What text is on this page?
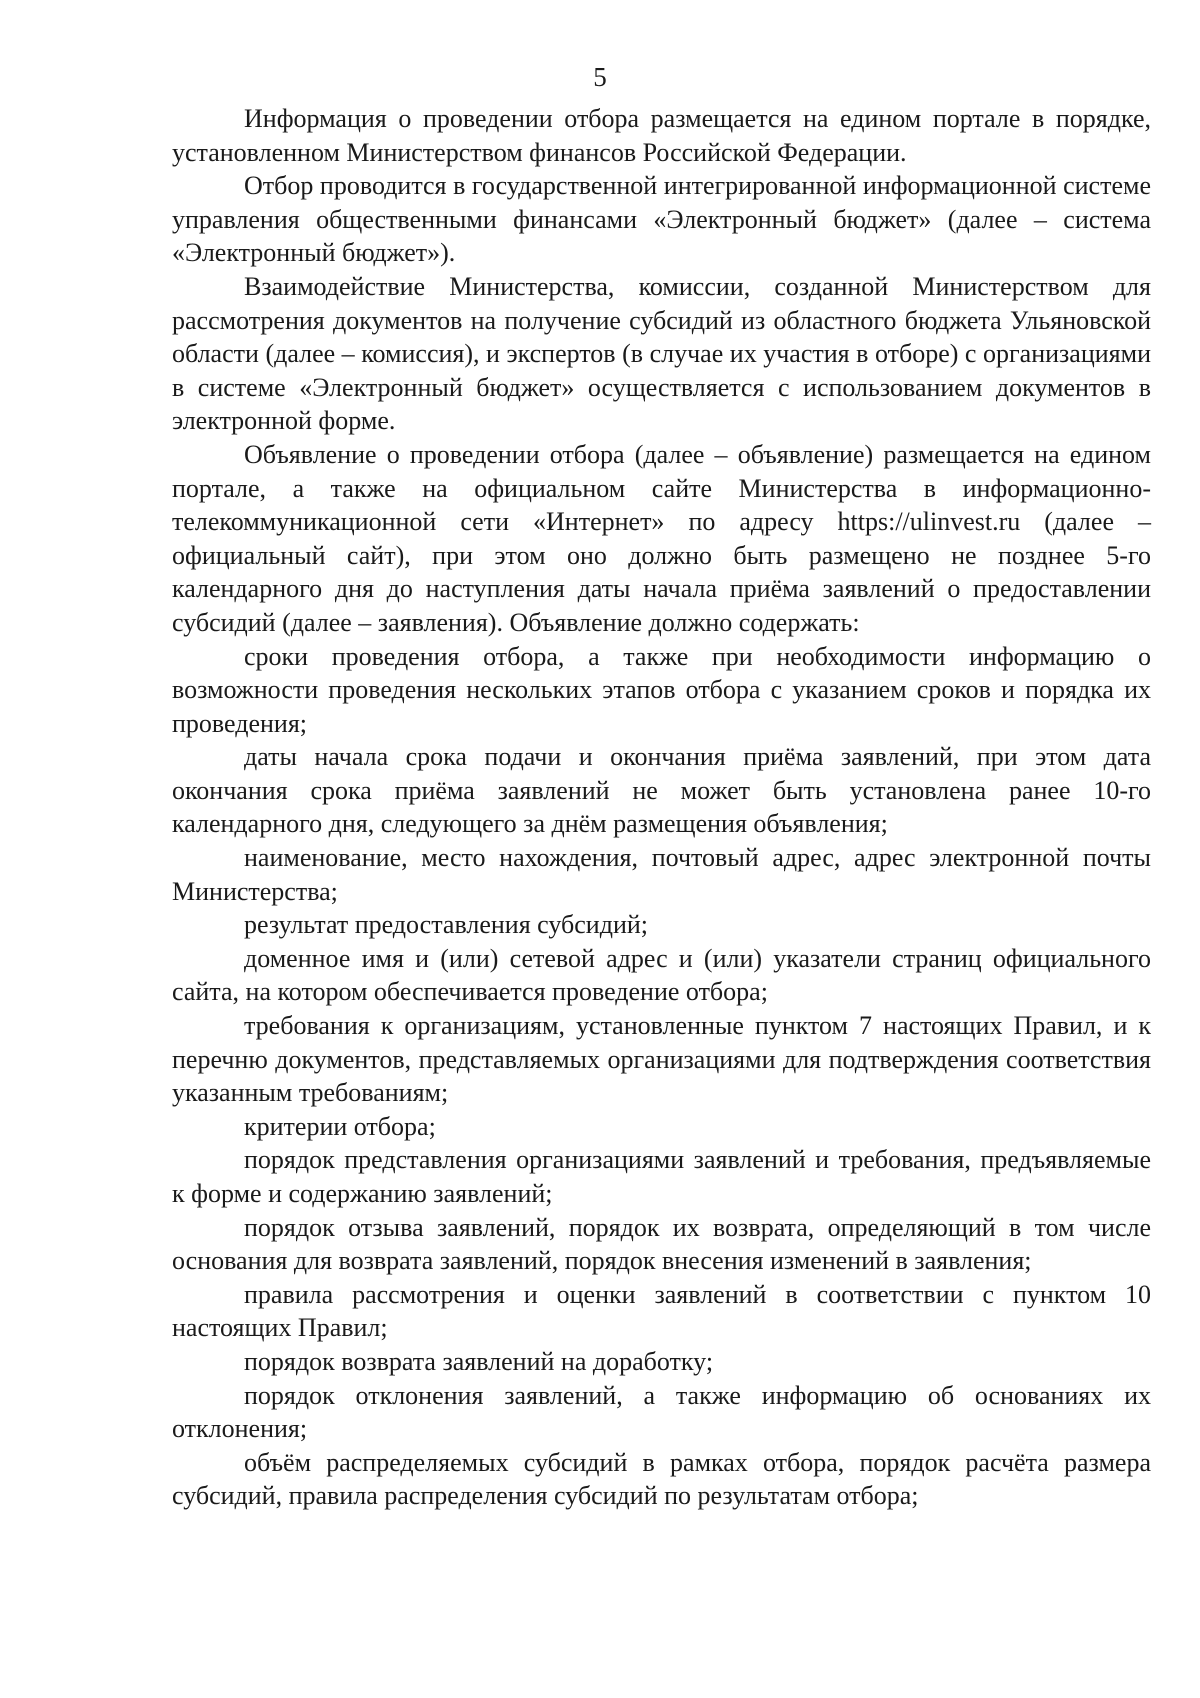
5

Информация о проведении отбора размещается на едином портале в порядке, установленном Министерством финансов Российской Федерации.

Отбор проводится в государственной интегрированной информационной системе управления общественными финансами «Электронный бюджет» (далее – система «Электронный бюджет»).

Взаимодействие Министерства, комиссии, созданной Министерством для рассмотрения документов на получение субсидий из областного бюджета Ульяновской области (далее – комиссия), и экспертов (в случае их участия в отборе) с организациями в системе «Электронный бюджет» осуществляется с использованием документов в электронной форме.

Объявление о проведении отбора (далее – объявление) размещается на едином портале, а также на официальном сайте Министерства в информационно-телекоммуникационной сети «Интернет» по адресу https://ulinvest.ru (далее – официальный сайт), при этом оно должно быть размещено не позднее 5-го календарного дня до наступления даты начала приёма заявлений о предоставлении субсидий (далее – заявления). Объявление должно содержать:

сроки проведения отбора, а также при необходимости информацию о возможности проведения нескольких этапов отбора с указанием сроков и порядка их проведения;

даты начала срока подачи и окончания приёма заявлений, при этом дата окончания срока приёма заявлений не может быть установлена ранее 10-го календарного дня, следующего за днём размещения объявления;

наименование, место нахождения, почтовый адрес, адрес электронной почты Министерства;

результат предоставления субсидий;

доменное имя и (или) сетевой адрес и (или) указатели страниц официального сайта, на котором обеспечивается проведение отбора;

требования к организациям, установленные пунктом 7 настоящих Правил, и к перечню документов, представляемых организациями для подтверждения соответствия указанным требованиям;

критерии отбора;

порядок представления организациями заявлений и требования, предъявляемые к форме и содержанию заявлений;

порядок отзыва заявлений, порядок их возврата, определяющий в том числе основания для возврата заявлений, порядок внесения изменений в заявления;

правила рассмотрения и оценки заявлений в соответствии с пунктом 10 настоящих Правил;

порядок возврата заявлений на доработку;

порядок отклонения заявлений, а также информацию об основаниях их отклонения;

объём распределяемых субсидий в рамках отбора, порядок расчёта размера субсидий, правила распределения субсидий по результатам отбора;
